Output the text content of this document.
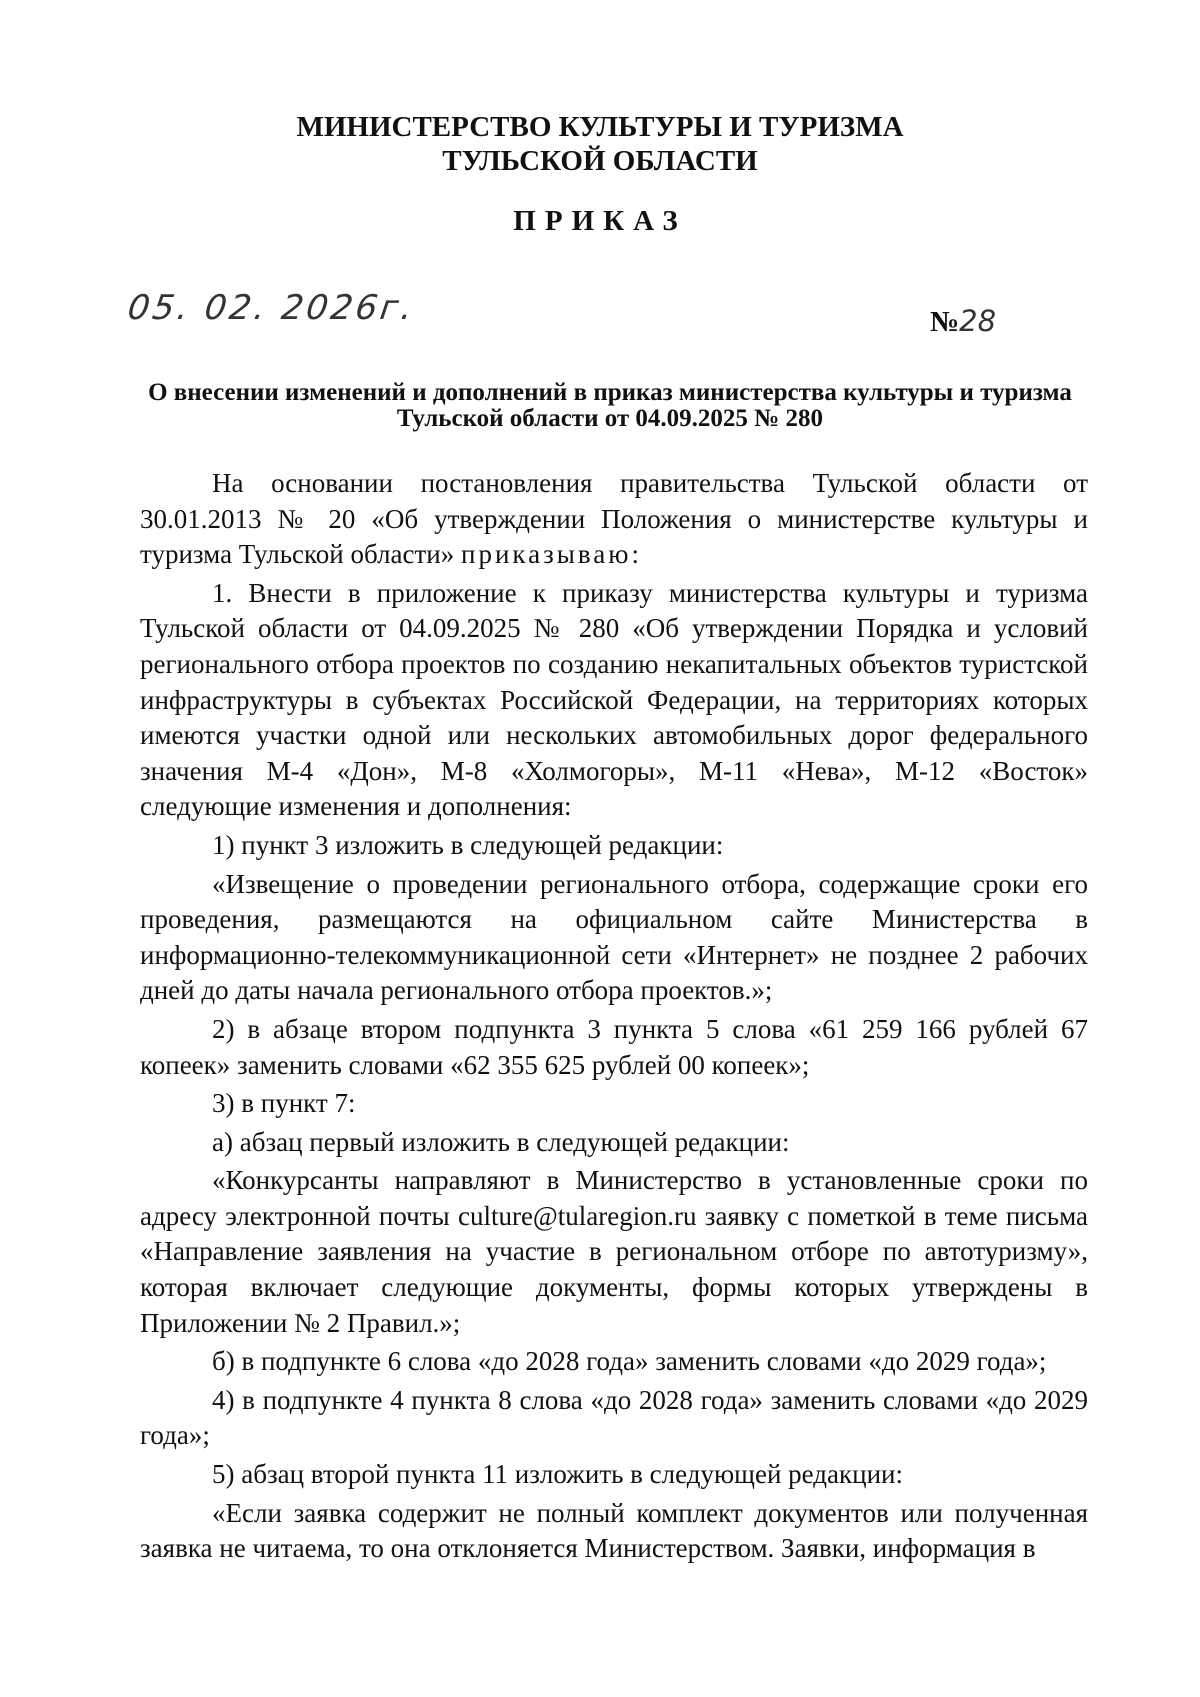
МИНИСТЕРСТВО КУЛЬТУРЫ И ТУРИЗМА
ТУЛЬСКОЙ ОБЛАСТИ
ПРИКАЗ
05. 02. 2026г.	№28
О внесении изменений и дополнений в приказ министерства культуры и туризма Тульской области от 04.09.2025 № 280

На основании постановления правительства Тульской области от 30.01.2013 № 20 «Об утверждении Положения о министерстве культуры и туризма Тульской области» приказываю:

1. Внести в приложение к приказу министерства культуры и туризма Тульской области от 04.09.2025 № 280 «Об утверждении Порядка и условий регионального отбора проектов по созданию некапитальных объектов туристской инфраструктуры в субъектах Российской Федерации, на территориях которых имеются участки одной или нескольких автомобильных дорог федерального значения М-4 «Дон», М-8 «Холмогоры», М-11 «Нева», М-12 «Восток» следующие изменения и дополнения:

1) пункт 3 изложить в следующей редакции:

«Извещение о проведении регионального отбора, содержащие сроки его проведения, размещаются на официальном сайте Министерства в информационно-телекоммуникационной сети «Интернет» не позднее 2 рабочих дней до даты начала регионального отбора проектов.»;

2) в абзаце втором подпункта 3 пункта 5 слова «61 259 166 рублей 67 копеек» заменить словами «62 355 625 рублей 00 копеек»;

3) в пункт 7:

а) абзац первый изложить в следующей редакции:

«Конкурсанты направляют в Министерство в установленные сроки по адресу электронной почты culture@tularegion.ru заявку с пометкой в теме письма «Направление заявления на участие в региональном отборе по автотуризму», которая включает следующие документы, формы которых утверждены в Приложении № 2 Правил.»;

б) в подпункте 6 слова «до 2028 года» заменить словами «до 2029 года»;

4) в подпункте 4 пункта 8 слова «до 2028 года» заменить словами «до 2029 года»;

5) абзац второй пункта 11 изложить в следующей редакции:

«Если заявка содержит не полный комплект документов или полученная заявка не читаема, то она отклоняется Министерством. Заявки, информация в
